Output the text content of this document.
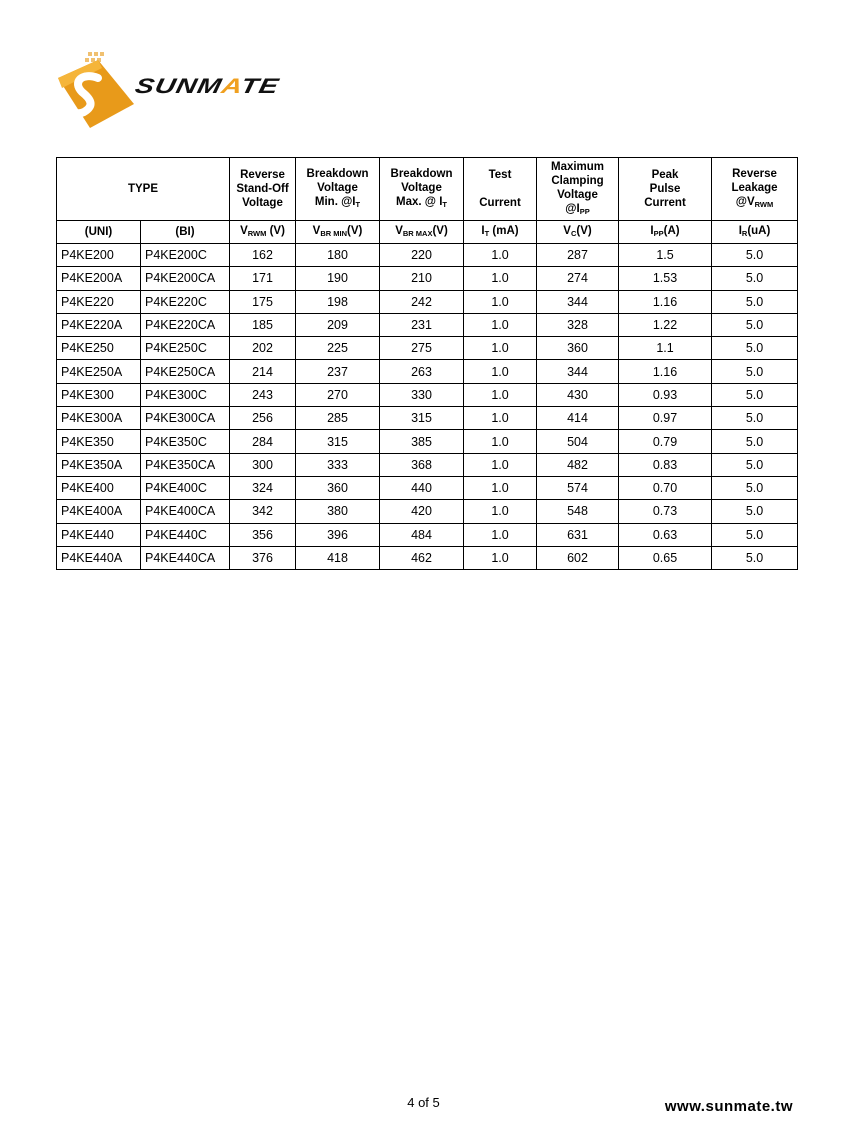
SUNMATE
TYPE		Reverse
Stand-Off
Voltage	Breakdown
Voltage
Min. $@I_T$	Breakdown
Voltage
Max. @ $I_T$	Test

Current	Maximum
Clamping
Voltage
$@I_{PP}$	Peak
Pulse
Current	Reverse
Leakage
$@V_{RWM}$
(UNI)	(BI)	$V_{RWM}$ (V)	$V_{BR MIN}(V)$	$V_{BR MAX}(V)$	$I_T$ (mA)	$V_C(V)$	$I_{PP}(A)$	$I_R(uA)$
P4KE200	P4KE200C	162	180	220	1.0	287	1.5	5.0
P4KE200A	P4KE200CA	171	190	210	1.0	274	1.53	5.0
P4KE220	P4KE220C	175	198	242	1.0	344	1.16	5.0
P4KE220A	P4KE220CA	185	209	231	1.0	328	1.22	5.0
P4KE250	P4KE250C	202	225	275	1.0	360	1.1	5.0
P4KE250A	P4KE250CA	214	237	263	1.0	344	1.16	5.0
P4KE300	P4KE300C	243	270	330	1.0	430	0.93	5.0
P4KE300A	P4KE300CA	256	285	315	1.0	414	0.97	5.0
P4KE350	P4KE350C	284	315	385	1.0	504	0.79	5.0
P4KE350A	P4KE350CA	300	333	368	1.0	482	0.83	5.0
P4KE400	P4KE400C	324	360	440	1.0	574	0.70	5.0
P4KE400A	P4KE400CA	342	380	420	1.0	548	0.73	5.0
P4KE440	P4KE440C	356	396	484	1.0	631	0.63	5.0
P4KE440A	P4KE440CA	376	418	462	1.0	602	0.65	5.0
4 of 5	www.sunmate.tw
